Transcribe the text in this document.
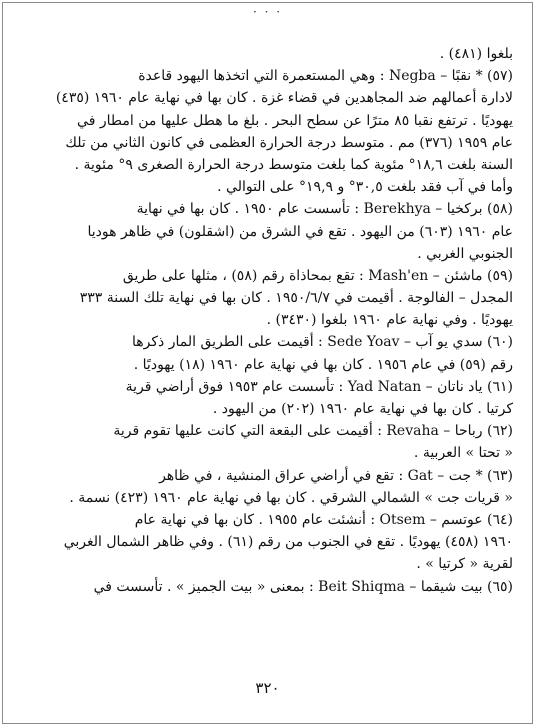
· · ·
بلغوا (٤٨١) .
(٥٧) * نقبًا – Negba : وهي المستعمرة التي اتخذها اليهود قاعدة
لادارة أعمالهم ضد المجاهدين في قضاء غزة . كان بها في نهاية عام ١٩٦٠ (٤٣٥)
يهوديًا . ترتفع نقبا ٨٥ مترًا عن سطح البحر . بلغ ما هطل عليها من امطار في
عام ١٩٥٩ (٣٧٦) مم . متوسط درجة الحرارة العظمى في كانون الثاني من تلك
السنة بلغت ١٨,٦° مئوية كما بلغت متوسط درجة الحرارة الصغرى ٩° مئوية .
وأما في آب فقد بلغت ٣٠,٥° و ١٩,٩° على التوالي .
(٥٨) بركخيا – Berekhya : تأسست عام ١٩٥٠ . كان بها في نهاية
عام ١٩٦٠ (٦٠٣) من اليهود . تقع في الشرق من (اشقلون) في ظاهر هوديا
الجنوبي الغربي .
(٥٩) ماشئن – Mash'en : تقع بمحاذاة رقم (٥٨) ، مثلها على طريق
المجدل – الفالوجة . أقيمت في ١٩٥٠/٦/٧ . كان بها في نهاية تلك السنة ٣٣٣
يهوديًا . وفي نهاية عام ١٩٦٠ بلغوا (٣٤٣٠) .
(٦٠) سدي يو آب – Sede Yoav : أقيمت على الطريق المار ذكرها
رقم (٥٩) في عام ١٩٥٦ . كان بها في نهاية عام ١٩٦٠ (١٨) يهوديًا .
(٦١) ياد ناتان – Yad Natan : تأسست عام ١٩٥٣ فوق أراضي قرية
كرتيا . كان بها في نهاية عام ١٩٦٠ (٢٠٢) من اليهود .
(٦٢) رباحا – Revaha : أقيمت على البقعة التي كانت عليها تقوم قرية
« تحتا » العربية .
(٦٣) * جت – Gat : تقع في أراضي عراق المنشية ، في ظاهر
« قريات جت » الشمالي الشرقي . كان بها في نهاية عام ١٩٦٠ (٤٢٣) نسمة .
(٦٤) عوتسم – Otsem : أنشئت عام ١٩٥٥ . كان بها في نهاية عام
١٩٦٠ (٤٥٨) يهوديًا . تقع في الجنوب من رقم (٦١) . وفي ظاهر الشمال الغربي
لقرية « كرتيا » .
(٦٥) بيت شيقما – Beit Shiqma : بمعنى « بيت الجميز » . تأسست في
٣٢٠
